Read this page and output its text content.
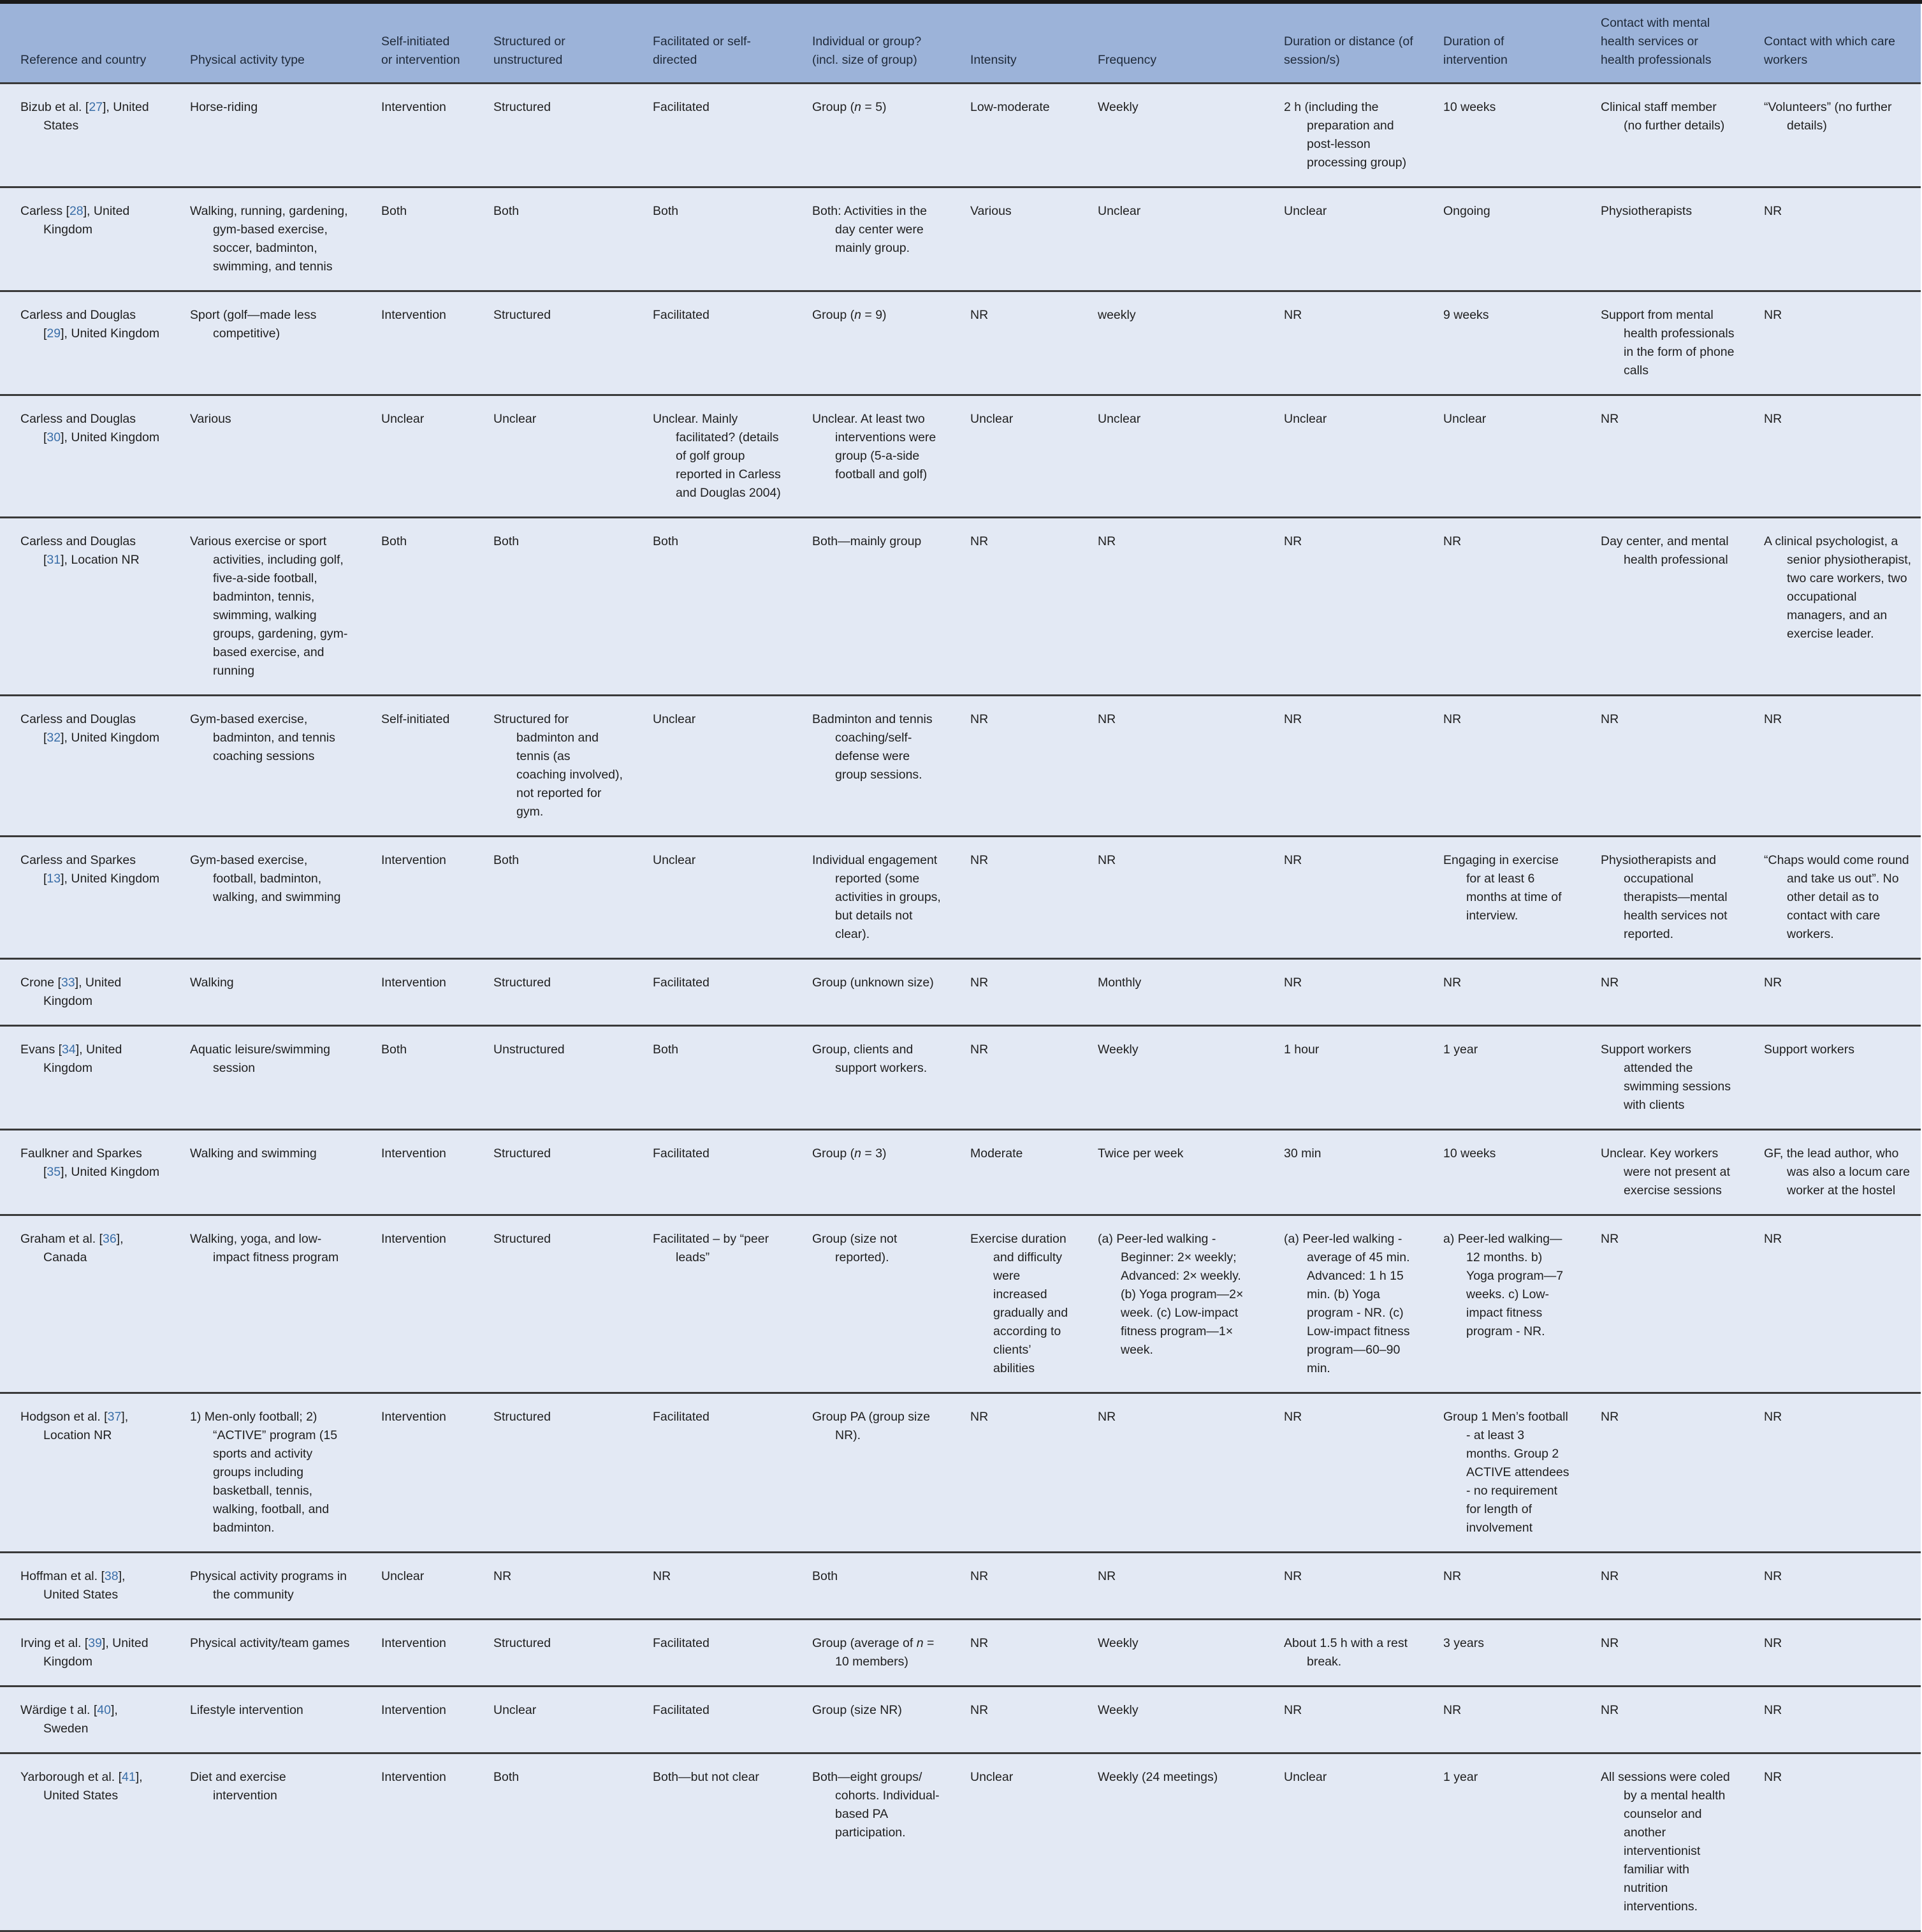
Reference and country	Physical activity type	Self-initiated or intervention	Structured or unstructured	Facilitated or self-directed	Individual or group? (incl. size of group)	Intensity	Frequency	Duration or distance (of session/s)	Duration of intervention	Contact with mental health services or health professionals	Contact with which care workers

Bizub et al. [27], United States	Horse-riding	Intervention	Structured	Facilitated	Group (n = 5)	Low-moderate	Weekly	2 h (including the preparation and post-lesson processing group)	10 weeks	Clinical staff member (no further details)	“Volunteers” (no further details)

Carless [28], United Kingdom	Walking, running, gardening, gym-based exercise, soccer, badminton, swimming, and tennis	Both	Both	Both	Both: Activities in the day center were mainly group.	Various	Unclear	Unclear	Ongoing	Physiotherapists	NR

Carless and Douglas [29], United Kingdom	Sport (golf—made less competitive)	Intervention	Structured	Facilitated	Group (n = 9)	NR	weekly	NR	9 weeks	Support from mental health professionals in the form of phone calls	NR

Carless and Douglas [30], United Kingdom	Various	Unclear	Unclear	Unclear. Mainly facilitated? (details of golf group reported in Carless and Douglas 2004)	Unclear. At least two interventions were group (5-a-side football and golf)	Unclear	Unclear	Unclear	Unclear	NR	NR

Carless and Douglas [31], Location NR	Various exercise or sport activities, including golf, five-a-side football, badminton, tennis, swimming, walking groups, gardening, gym-based exercise, and running	Both	Both	Both	Both—mainly group	NR	NR	NR	NR	Day center, and mental health professional	A clinical psychologist, a senior physiotherapist, two care workers, two occupational managers, and an exercise leader.

Carless and Douglas [32], United Kingdom	Gym-based exercise, badminton, and tennis coaching sessions	Self-initiated	Structured for badminton and tennis (as coaching involved), not reported for gym.	Unclear	Badminton and tennis coaching/self-defense were group sessions.	NR	NR	NR	NR	NR	NR

Carless and Sparkes [13], United Kingdom	Gym-based exercise, football, badminton, walking, and swimming	Intervention	Both	Unclear	Individual engagement reported (some activities in groups, but details not clear).	NR	NR	NR	Engaging in exercise for at least 6 months at time of interview.	Physiotherapists and occupational therapists—mental health services not reported.	“Chaps would come round and take us out”. No other detail as to contact with care workers.

Crone [33], United Kingdom	Walking	Intervention	Structured	Facilitated	Group (unknown size)	NR	Monthly	NR	NR	NR	NR

Evans [34], United Kingdom	Aquatic leisure/swimming session	Both	Unstructured	Both	Group, clients and support workers.	NR	Weekly	1 hour	1 year	Support workers attended the swimming sessions with clients	Support workers

Faulkner and Sparkes [35], United Kingdom	Walking and swimming	Intervention	Structured	Facilitated	Group (n = 3)	Moderate	Twice per week	30 min	10 weeks	Unclear. Key workers were not present at exercise sessions	GF, the lead author, who was also a locum care worker at the hostel

Graham et al. [36], Canada	Walking, yoga, and low-impact fitness program	Intervention	Structured	Facilitated – by “peer leads”	Group (size not reported).	Exercise duration and difficulty were increased gradually and according to clients’ abilities	(a) Peer-led walking - Beginner: 2× weekly; Advanced: 2× weekly. (b) Yoga program—2× week. (c) Low-impact fitness program—1× week.	(a) Peer-led walking -average of 45 min. Advanced: 1 h 15 min. (b) Yoga program - NR. (c) Low-impact fitness program—60–90 min.	a) Peer-led walking—12 months. b) Yoga program—7 weeks. c) Low-impact fitness program - NR.	NR	NR

Hodgson et al. [37], Location NR	1) Men-only football; 2) “ACTIVE” program (15 sports and activity groups including basketball, tennis, walking, football, and badminton.	Intervention	Structured	Facilitated	Group PA (group size NR).	NR	NR	NR	Group 1 Men’s football - at least 3 months. Group 2 ACTIVE attendees - no requirement for length of involvement	NR	NR

Hoffman et al. [38], United States	Physical activity programs in the community	Unclear	NR	NR	Both	NR	NR	NR	NR	NR	NR

Irving et al. [39], United Kingdom	Physical activity/team games	Intervention	Structured	Facilitated	Group (average of n = 10 members)	NR	Weekly	About 1.5 h with a rest break.	3 years	NR	NR

Wärdige t al. [40], Sweden	Lifestyle intervention	Intervention	Unclear	Facilitated	Group (size NR)	NR	Weekly	NR	NR	NR	NR

Yarborough et al. [41], United States	Diet and exercise intervention	Intervention	Both	Both—but not clear	Both—eight groups/ cohorts. Individual-based PA participation.	Unclear	Weekly (24 meetings)	Unclear	1 year	All sessions were coled by a mental health counselor and another interventionist familiar with nutrition interventions.	NR
